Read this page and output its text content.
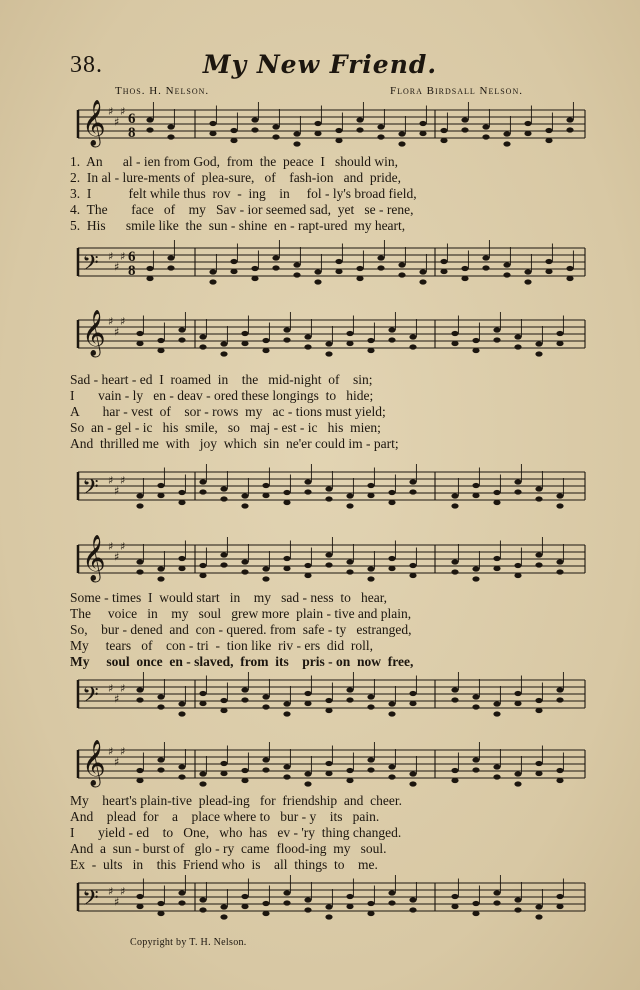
38.	My New Friend.
Thos. H. Nelson.	Flora Birdsall Nelson.
𝄞 ♯
♯
♯ 6
8
1.  An      al - ien from God,  from  the  peace  I   should win,
2.  In al - lure-ments of  plea-sure,   of    fash-ion   and  pride,
3.  I           felt while thus  rov  -  ing    in     fol - ly's broad field,
4.  The       face   of    my   Sav - ior seemed sad,  yet   se - rene,
5.  His      smile like  the  sun - shine  en - rapt-ured  my heart,
𝄢 ♯
♯
♯ 6
8
𝄞 ♯
♯
♯
Sad - heart - ed  I  roamed  in    the   mid-night  of    sin;
I       vain - ly   en - deav - ored these longings  to   hide;
A       har - vest  of    sor - rows  my   ac - tions must yield;
So  an - gel - ic   his  smile,   so   maj - est - ic   his  mien;
And  thrilled me  with   joy  which  sin  ne'er could im - part;
𝄢 ♯
♯
♯
𝄞 ♯
♯
♯
Some - times  I  would start   in    my   sad - ness  to   hear,
The     voice   in    my   soul   grew more  plain - tive and plain,
So,    bur - dened  and  con - quered. from  safe - ty   estranged,
My     tears   of    con - tri  -  tion like  riv - ers  did  roll,
My     soul  once  en - slaved,  from  its    pris - on  now  free,
𝄢 ♯
♯
♯
𝄞 ♯
♯
♯
My    heart's plain-tive  plead-ing   for  friendship  and  cheer.
And    plead  for    a    place where to   bur - y    its   pain.
I       yield - ed    to   One,   who  has   ev - 'ry  thing changed.
And  a  sun - burst of   glo - ry  came  flood-ing  my   soul.
Ex  -  ults   in    this  Friend who  is    all  things  to    me.
𝄢 ♯
♯
♯
Copyright by T. H. Nelson.
